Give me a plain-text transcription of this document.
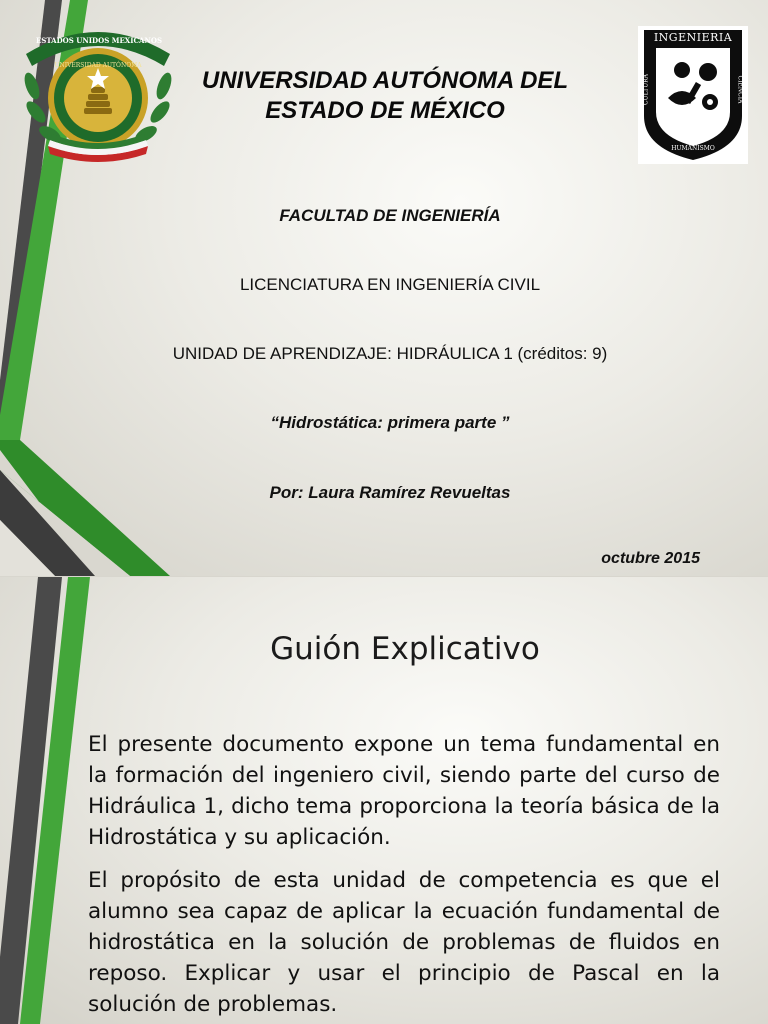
ESTADOS UNIDOS MEXICANOS
UNIVERSIDAD AUTÓNOMA
UNIVERSIDAD AUTÓNOMA DEL ESTADO DE MÉXICO
INGENIERIA
CULTURA	CIENCIA
HUMANISMO
FACULTAD DE INGENIERÍA
LICENCIATURA EN INGENIERÍA CIVIL
UNIDAD DE APRENDIZAJE: HIDRÁULICA 1 (créditos: 9)
“Hidrostática: primera parte ”
Por: Laura Ramírez Revueltas
octubre 2015
Guión Explicativo

El presente documento expone un tema fundamental en la formación del ingeniero civil, siendo parte del curso de Hidráulica 1, dicho tema proporciona la teoría básica de la Hidrostática y su aplicación.

El propósito de esta unidad de competencia es que el alumno sea capaz de aplicar la ecuación fundamental de hidrostática en la solución de problemas de fluidos en reposo. Explicar y usar el principio de Pascal en la solución de problemas.
